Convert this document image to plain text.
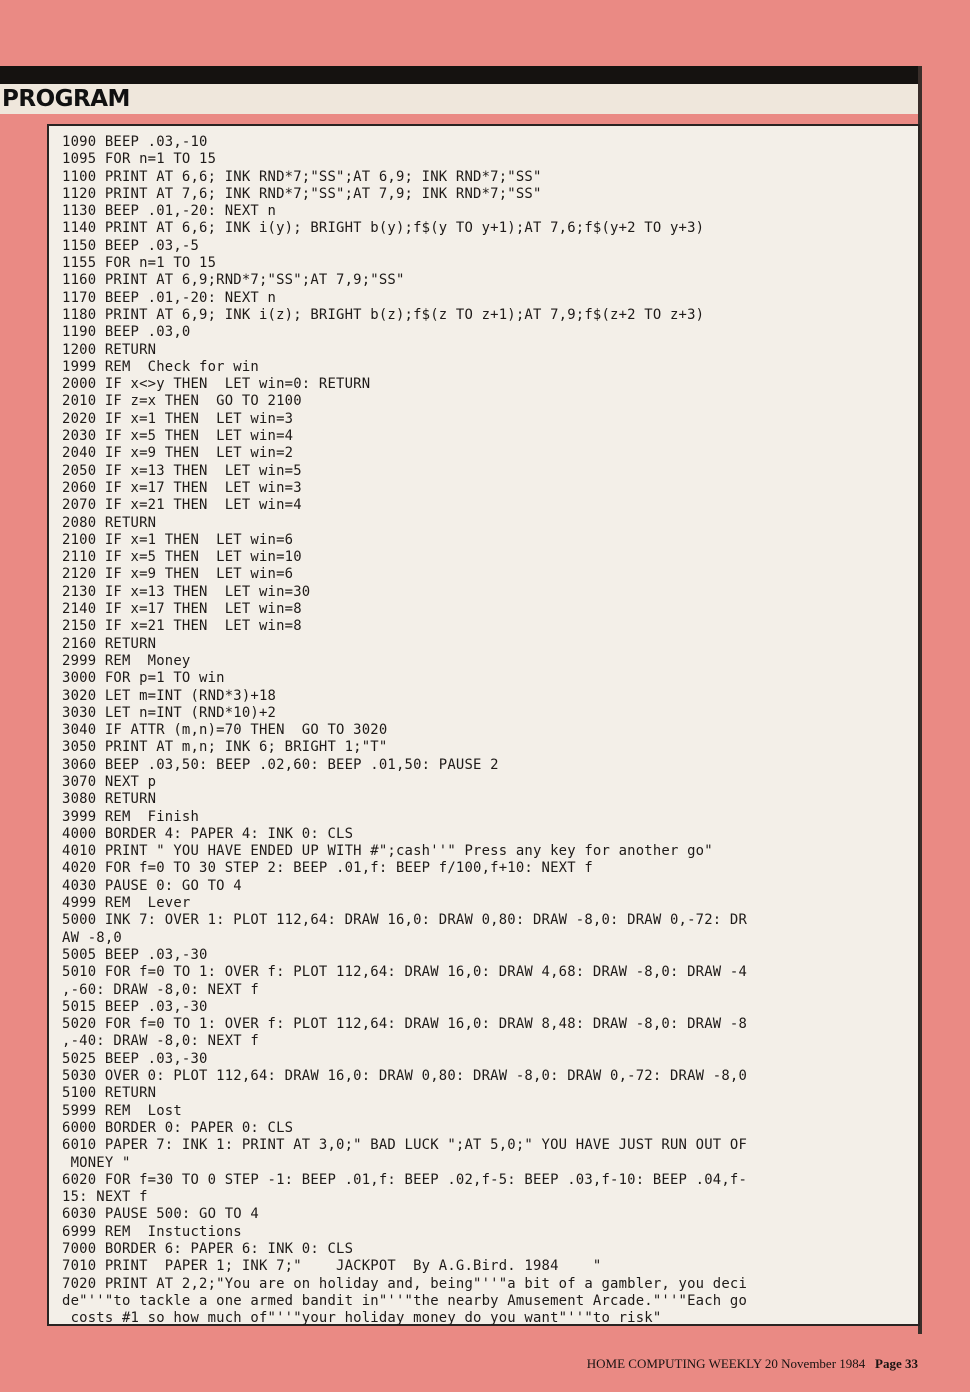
PROGRAM
1090 BEEP .03,-10
1095 FOR n=1 TO 15
1100 PRINT AT 6,6; INK RND*7;"SS";AT 6,9; INK RND*7;"SS"
1120 PRINT AT 7,6; INK RND*7;"SS";AT 7,9; INK RND*7;"SS"
1130 BEEP .01,-20: NEXT n
1140 PRINT AT 6,6; INK i(y); BRIGHT b(y);f$(y TO y+1);AT 7,6;f$(y+2 TO y+3)
1150 BEEP .03,-5
1155 FOR n=1 TO 15
1160 PRINT AT 6,9;RND*7;"SS";AT 7,9;"SS"
1170 BEEP .01,-20: NEXT n
1180 PRINT AT 6,9; INK i(z); BRIGHT b(z);f$(z TO z+1);AT 7,9;f$(z+2 TO z+3)
1190 BEEP .03,0
1200 RETURN
1999 REM  Check for win
2000 IF x<>y THEN  LET win=0: RETURN
2010 IF z=x THEN  GO TO 2100
2020 IF x=1 THEN  LET win=3
2030 IF x=5 THEN  LET win=4
2040 IF x=9 THEN  LET win=2
2050 IF x=13 THEN  LET win=5
2060 IF x=17 THEN  LET win=3
2070 IF x=21 THEN  LET win=4
2080 RETURN
2100 IF x=1 THEN  LET win=6
2110 IF x=5 THEN  LET win=10
2120 IF x=9 THEN  LET win=6
2130 IF x=13 THEN  LET win=30
2140 IF x=17 THEN  LET win=8
2150 IF x=21 THEN  LET win=8
2160 RETURN
2999 REM  Money
3000 FOR p=1 TO win
3020 LET m=INT (RND*3)+18
3030 LET n=INT (RND*10)+2
3040 IF ATTR (m,n)=70 THEN  GO TO 3020
3050 PRINT AT m,n; INK 6; BRIGHT 1;"T"
3060 BEEP .03,50: BEEP .02,60: BEEP .01,50: PAUSE 2
3070 NEXT p
3080 RETURN
3999 REM  Finish
4000 BORDER 4: PAPER 4: INK 0: CLS
4010 PRINT " YOU HAVE ENDED UP WITH #";cash''" Press any key for another go"
4020 FOR f=0 TO 30 STEP 2: BEEP .01,f: BEEP f/100,f+10: NEXT f
4030 PAUSE 0: GO TO 4
4999 REM  Lever
5000 INK 7: OVER 1: PLOT 112,64: DRAW 16,0: DRAW 0,80: DRAW -8,0: DRAW 0,-72: DR
AW -8,0
5005 BEEP .03,-30
5010 FOR f=0 TO 1: OVER f: PLOT 112,64: DRAW 16,0: DRAW 4,68: DRAW -8,0: DRAW -4
,-60: DRAW -8,0: NEXT f
5015 BEEP .03,-30
5020 FOR f=0 TO 1: OVER f: PLOT 112,64: DRAW 16,0: DRAW 8,48: DRAW -8,0: DRAW -8
,-40: DRAW -8,0: NEXT f
5025 BEEP .03,-30
5030 OVER 0: PLOT 112,64: DRAW 16,0: DRAW 0,80: DRAW -8,0: DRAW 0,-72: DRAW -8,0
5100 RETURN
5999 REM  Lost
6000 BORDER 0: PAPER 0: CLS
6010 PAPER 7: INK 1: PRINT AT 3,0;" BAD LUCK ";AT 5,0;" YOU HAVE JUST RUN OUT OF
MONEY "
6020 FOR f=30 TO 0 STEP -1: BEEP .01,f: BEEP .02,f-5: BEEP .03,f-10: BEEP .04,f-
15: NEXT f
6030 PAUSE 500: GO TO 4
6999 REM  Instuctions
7000 BORDER 6: PAPER 6: INK 0: CLS
7010 PRINT  PAPER 1; INK 7;"    JACKPOT  By A.G.Bird. 1984    "
7020 PRINT AT 2,2;"You are on holiday and, being"''"a bit of a gambler, you deci
de"''"to tackle a one armed bandit in"''"the nearby Amusement Arcade."''"Each go
costs #1 so how much of"''"your holiday money do you want"''"to risk"
HOME COMPUTING WEEKLY 20 November 1984 Page 33
